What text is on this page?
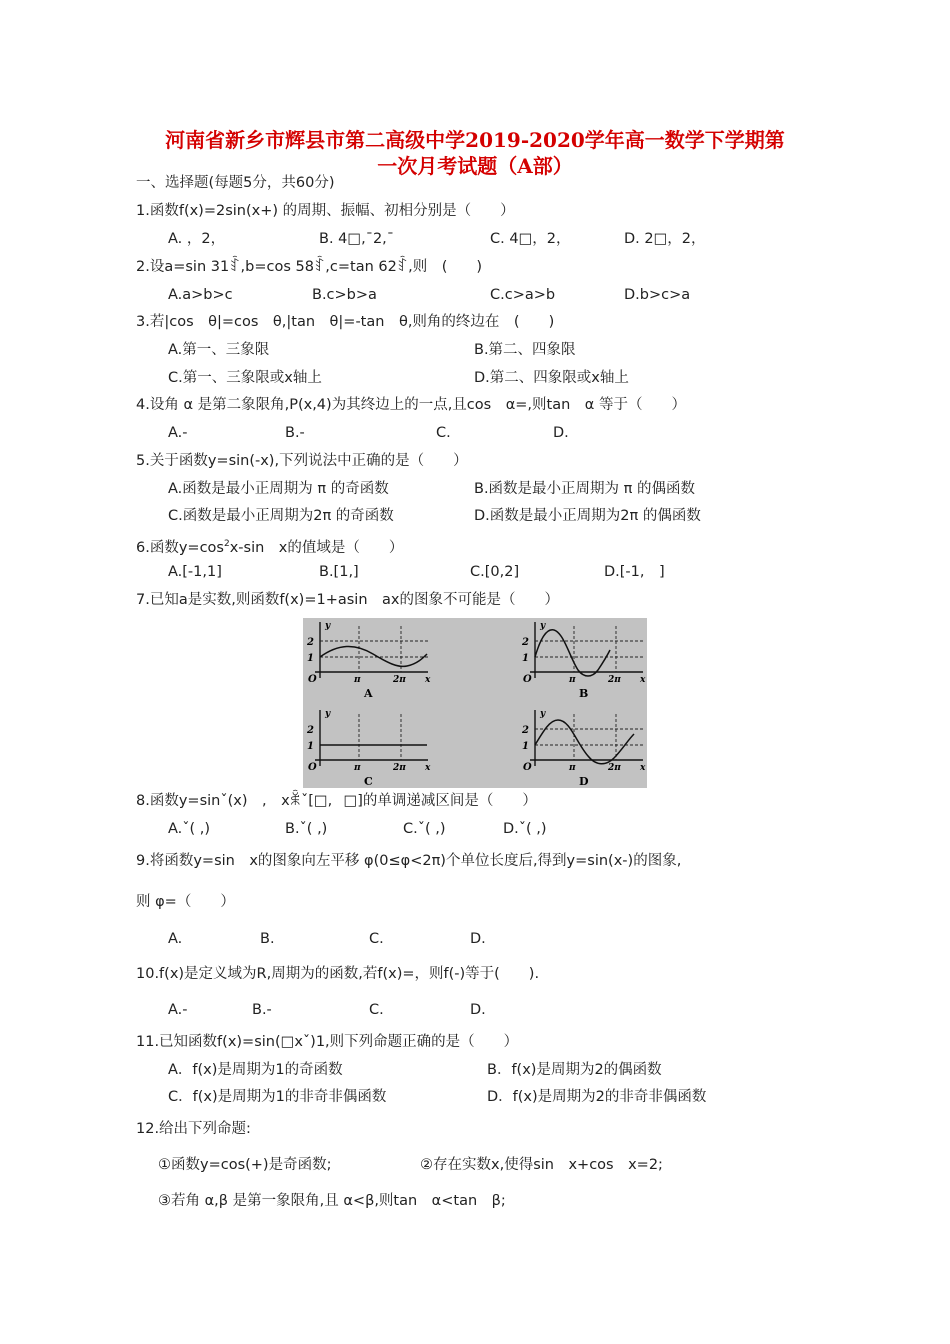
河南省新乡市辉县市第二高级中学2019-2020学年高一数学下学期第
一次月考试题（A部）
一、选择题(每题5分，共60分)
1.函数f(x)=2sin(x+) 的周期、振幅、初相分别是（　　）
A. ，2，	B. 4□,ˉ2,ˉ	C. 4□，2，	D. 2□，2，
2.设a=sin 31ꆎ,b=cos 58ꆎ,c=tan 62ꆎ,则　(　　)
A.a>b>c	B.c>b>a	C.c>a>b	D.b>c>a
3.若|cos　θ|=cos　θ,|tan　θ|=-tan　θ,则角的终边在　(　　)
A.第一、三象限	B.第二、四象限
C.第一、三象限或x轴上	D.第二、四象限或x轴上
4.设角 α 是第二象限角,P(x,4)为其终边上的一点,且cos　α=,则tan　α 等于（　　）
A.-	B.-	C.	D.
5.关于函数y=sin(-x),下列说法中正确的是（　　）
A.函数是最小正周期为 π 的奇函数	B.函数是最小正周期为 π 的偶函数
C.函数是最小正周期为2π 的奇函数	D.函数是最小正周期为2π 的偶函数
6.函数$y=\cos^2x-\sin$　x的值域是（　　）
A.[-1,1]	B.[1,]	C.[0,2]	D.[-1,　]
7.已知a是实数,则函数f(x)=1+asin　ax的图象不可能是（　　）
y
2
1
O	π	2π x
A
y
2
1
O	π	2π x
B
y
2
1
O	π	2π x
C
y
2
1
O	π	2π x
D
8.函数y=sinˇ(x)　,　xꆘˇ[□,　□]的单调递减区间是（　　）
A.ˇ( ,)	B.ˇ( ,)	C.ˇ( ,)	D.ˇ( ,)
9.将函数y=sin　x的图象向左平移 φ(0≤φ<2π)个单位长度后,得到y=sin(x-)的图象,
则 φ=（　　）
A.	B.	C.	D.
10.f(x)是定义域为R,周期为的函数,若f(x)=，则f(-)等于(　　).
A.-	B.-	C.	D.
11.已知函数f(x)=sin(□xˇ)1,则下列命题正确的是（　　）
A．f(x)是周期为1的奇函数	B．f(x)是周期为2的偶函数
C．f(x)是周期为1的非奇非偶函数	D．f(x)是周期为2的非奇非偶函数
12.给出下列命题:
①函数y=cos(+)是奇函数;	②存在实数x,使得sin　x+cos　x=2;
③若角 α,β 是第一象限角,且 α<β,则tan　α<tan　β;
